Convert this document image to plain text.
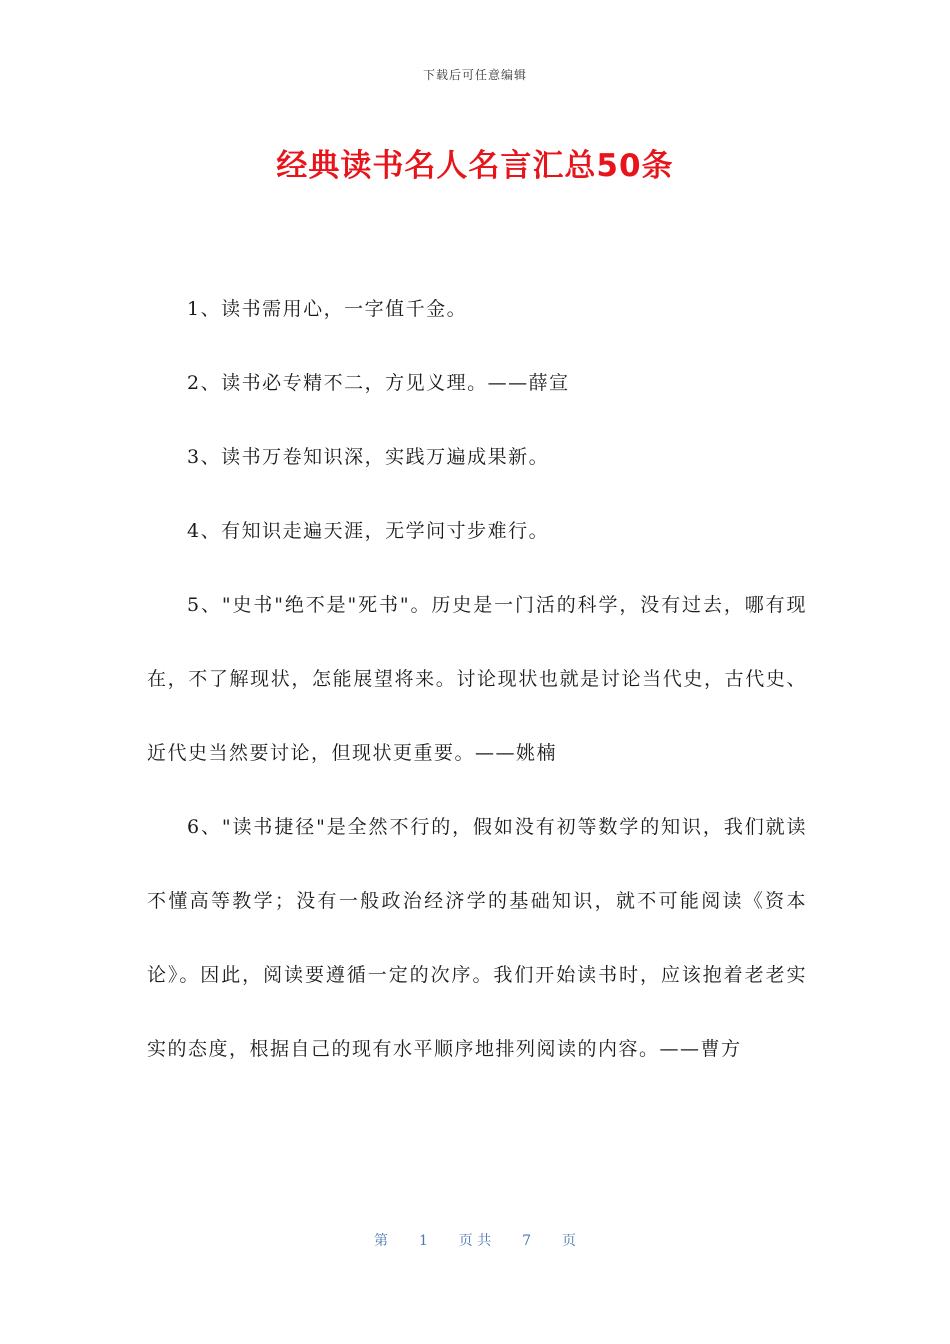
下载后可任意编辑
经典读书名人名言汇总50条

1、读书需用心，一字值千金。

2、读书必专精不二，方见义理。——薛宣

3、读书万卷知识深，实践万遍成果新。

4、有知识走遍天涯，无学问寸步难行。

5、"史书"绝不是"死书"。历史是一门活的科学，没有过去，哪有现在，不了解现状，怎能展望将来。讨论现状也就是讨论当代史，古代史、近代史当然要讨论，但现状更重要。——姚楠

6、"读书捷径"是全然不行的，假如没有初等数学的知识，我们就读不懂高等教学；没有一般政治经济学的基础知识，就不可能阅读《资本论》。因此，阅读要遵循一定的次序。我们开始读书时，应该抱着老老实实的态度，根据自己的现有水平顺序地排列阅读的内容。——曹方

第 1 页 共 7 页
